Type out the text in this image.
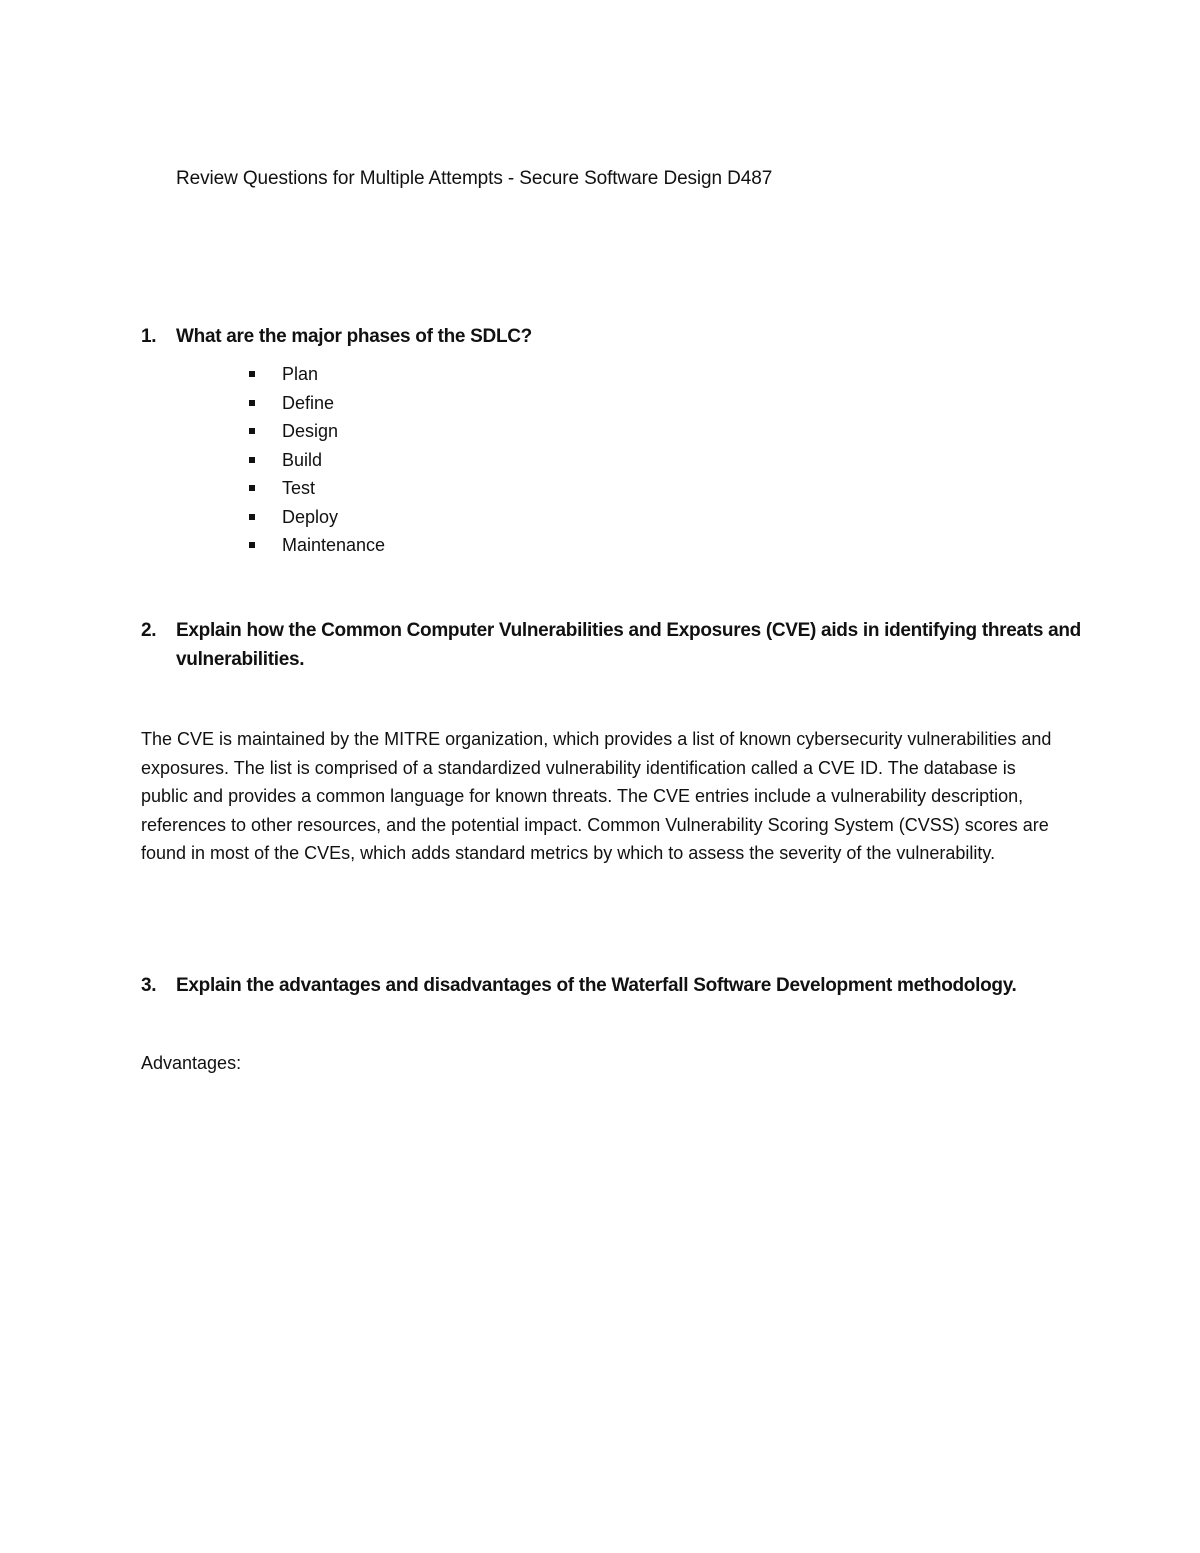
Review Questions for Multiple Attempts - Secure Software Design D487
1. What are the major phases of the SDLC?
Plan
Define
Design
Build
Test
Deploy
Maintenance
2. Explain how the Common Computer Vulnerabilities and Exposures (CVE) aids in identifying threats and vulnerabilities.

The CVE is maintained by the MITRE organization, which provides a list of known cybersecurity vulnerabilities and exposures. The list is comprised of a standardized vulnerability identification called a CVE ID. The database is public and provides a common language for known threats. The CVE entries include a vulnerability description, references to other resources, and the potential impact. Common Vulnerability Scoring System (CVSS) scores are found in most of the CVEs, which adds standard metrics by which to assess the severity of the vulnerability.

3. Explain the advantages and disadvantages of the Waterfall Software Development methodology.
Advantages:
